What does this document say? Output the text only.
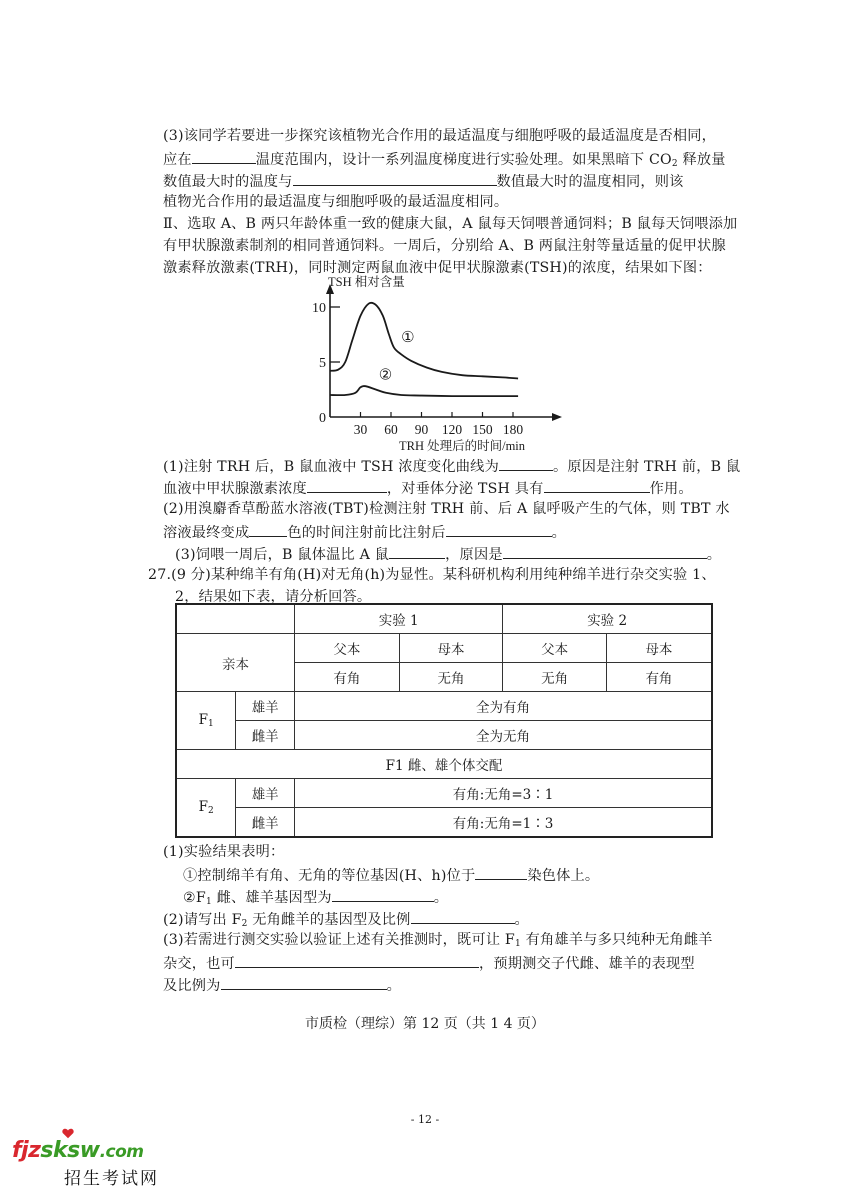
(3)该同学若要进一步探究该植物光合作用的最适温度与细胞呼吸的最适温度是否相同，
应在	温度范围内，设计一系列温度梯度进行实验处理。如果黑暗下 $CO_2$ 释放量
数值最大时的温度与	数值最大时的温度相同，则该
植物光合作用的最适温度与细胞呼吸的最适温度相同。
Ⅱ、选取 A、B 两只年龄体重一致的健康大鼠，A 鼠每天饲喂普通饲料；B 鼠每天饲喂添加
有甲状腺激素制剂的相同普通饲料。一周后，分别给 A、B 两鼠注射等量适量的促甲状腺
激素释放激素(TRH)，同时测定两鼠血液中促甲状腺激素(TSH)的浓度，结果如下图：
0
5
10
30 60 90 120 150 180
TSH 相对含量
TRH 处理后的时间/min
①
②
(1)注射 TRH 后，B 鼠血液中 TSH 浓度变化曲线为	。原因是注射 TRH 前，B 鼠
血液中甲状腺激素浓度	，对垂体分泌 TSH 具有	作用。
(2)用溴麝香草酚蓝水溶液(TBT)检测注射 TRH 前、后 A 鼠呼吸产生的气体，则 TBT 水
溶液最终变成	色的时间注射前比注射后	。
(3)饲喂一周后，B 鼠体温比 A 鼠	，原因是	。
27.(9 分)某种绵羊有角(H)对无角(h)为显性。某科研机构利用纯种绵羊进行杂交实验 1、
2，结果如下表，请分析回答。
		实验 1		实验 2	
亲本		父本	母本	父本	母本
		有角	无角	无角	有角
$F_1$	雄羊	全为有角			
	雌羊	全为无角			
F1 雌、雄个体交配					
$F_2$	雄羊	有角:无角=3∶1			
	雌羊	有角:无角=1∶3			
(1)实验结果表明：
①控制绵羊有角、无角的等位基因(H、h)位于	染色体上。
$②F_1$ 雌、雄羊基因型为	。
(2)请写出 $F_2$ 无角雌羊的基因型及比例	。
(3)若需进行测交实验以验证上述有关推测时，既可让 $F_1$ 有角雄羊与多只纯种无角雌羊
杂交，也可	，预期测交子代雌、雄羊的表现型
及比例为	。
市质检（理综）第 12 页（共 1 4 页）
- 12 -
fjzsksw.com
招生考试网
